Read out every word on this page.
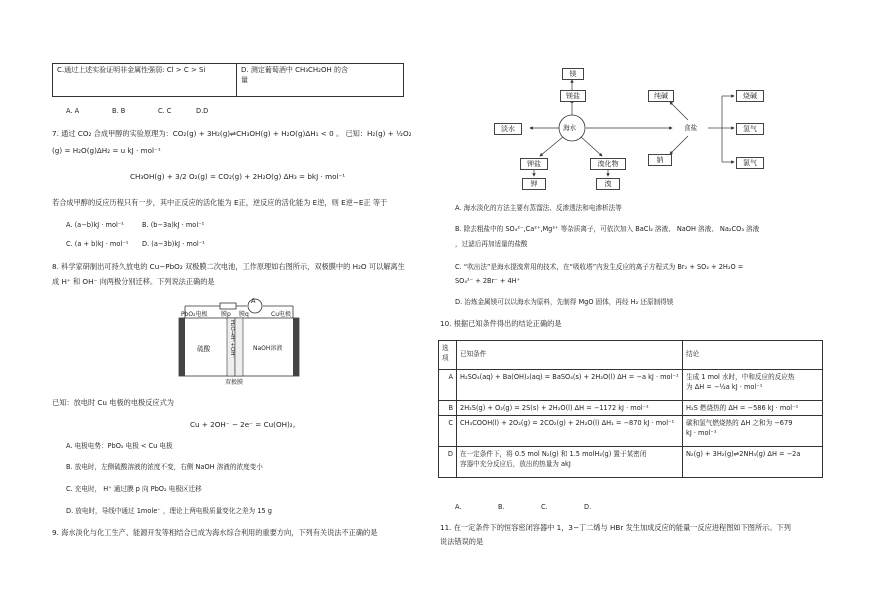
C.通过上述实验证明非金属性强弱: Cl > C > Si	D. 测定葡萄酒中 CH₃CH₂OH 的含
量
A. A	B. B	C. C	D.D
7. 通过 CO₂ 合成甲醇的实验原理为：CO₂(g) + 3H₂(g)⇌CH₃OH(g) + H₂O(g)ΔH₁ < 0 。 已知：H₂(g) + ½O₂
(g) = H₂O(g)ΔH₂ = u kJ · mol⁻¹
CH₃OH(g) + 3/2 O₂(g) = CO₂(g) + 2H₂O(g) ΔH₃ = bkJ · mol⁻¹
若合成甲醇的反应历程只有一步，其中正反应的活化能为 E正，逆反应的活化能为 E逆，则 E逆−E正 等于
A. (a−b)kJ · mol⁻¹	B. (b−3a)kJ · mol⁻¹
C. (a + b)kJ · mol⁻¹ D. (a−3b)kJ · mol⁻¹
8. 科学家研制出可持久放电的 Cu−PbO₂ 双极膜二次电池，工作原理如右图所示，双极膜中的 H₂O 可以解离生
成 H⁺ 和 OH⁻ 向两极分别迁移。下列说法正确的是
A
PbO₂电极 膜p 膜q	Cu电极
硫酸	NaOH溶液
H₂O→H⁺+OH⁻
双极膜
已知：放电时 Cu 电极的电极反应式为
Cu + 2OH⁻ − 2e⁻ = Cu(OH)₂。
A. 电极电势：PbO₂ 电极 < Cu 电极
B. 放电时，左侧硫酸溶液的浓度不变，右侧 NaOH 溶液的浓度变小
C. 充电时， H⁺ 通过膜 p 向 PbO₂ 电极区迁移
D. 放电时，导线中通过 1mole⁻ ，理论上两电极质量变化之差为 15 g
9. 海水淡化与化工生产、能源开发等相结合已成为海水综合利用的重要方向，下列有关说法不正确的是
海水
镁
镁盐
淡水
钾盐
钾
溴化物
溴
纯碱
食盐
钠
烧碱
氢气
氯气
A. 海水淡化的方法主要有蒸馏法、反渗透法和电渗析法等
B. 除去粗盐中的 SO₄²⁻,Ca²⁺,Mg²⁺ 等杂质离子，可依次加入 BaCl₂ 溶液、 NaOH 溶液、 Na₂CO₃ 溶液
，过滤后再加适量的盐酸
C. “吹出法”是海水提溴常用的技术，在“吸收塔”内发生反应的离子方程式为 Br₂ + SO₂ + 2H₂O =
SO₄²⁻ + 2Br⁻ + 4H⁺
D. 冶炼金属镁可以以海水为原料，先制得 MgO 固体，再经 H₂ 还原制得镁
10. 根据已知条件得出的结论正确的是
选项	已知条件	结论
A	H₂SO₄(aq) + Ba(OH)₂(aq) = BaSO₄(s) + 2H₂O(l) ΔH = −a kJ · mol⁻¹	生成 1 mol 水时，中和反应的反应热
为 ΔH = −½a kJ · mol⁻¹

B	2H₂S(g) + O₂(g) = 2S(s) + 2H₂O(l) ΔH = −1172 kJ · mol⁻¹	H₂S 燃烧热的 ΔH = −586 kJ · mol⁻¹
C	CH₃COOH(l) + 2O₂(g) = 2CO₂(g) + 2H₂O(l) ΔH₁ = −870 kJ · mol⁻¹	碳和氢气燃烧热的 ΔH 之和为 −679
kJ · mol⁻¹

D	在一定条件下，将 0.5 mol N₂(g) 和 1.5 molH₂(g) 置于某密闭
容器中充分反应后，放出的热量为 akJ	N₂(g) + 3H₂(g)⇌2NH₃(g) ΔH = −2a
A.	B.	C.	D.
11. 在一定条件下的恒容密闭容器中 1，3−丁二烯与 HBr 发生加成反应的能量一反应进程图如下图所示。下列
说法错误的是
